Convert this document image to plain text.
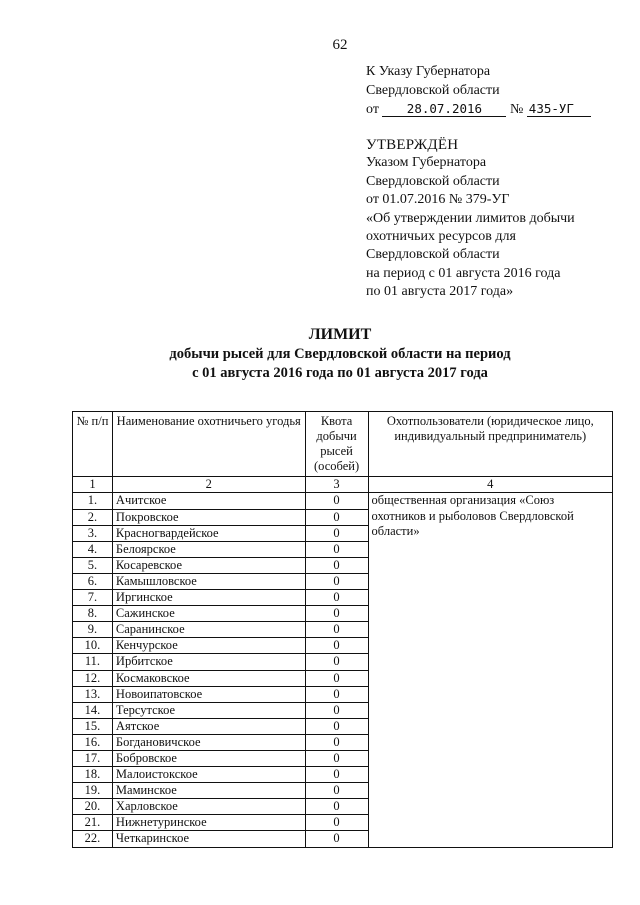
62
К Указу Губернатора
Свердловской области
от 28.07.2016 № 435-УГ
УТВЕРЖДЁН
Указом Губернатора
Свердловской области
от 01.07.2016 № 379-УГ
«Об утверждении лимитов добычи
охотничьих ресурсов для
Свердловской области
на период с 01 августа 2016 года
по 01 августа 2017 года»
ЛИМИТ
добычи рысей для Свердловской области на период
с 01 августа 2016 года по 01 августа 2017 года
№ п/п	Наименование охотничьего угодья	Квота добычи рысей (особей)	Охотпользователи (юридическое лицо, индивидуальный предприниматель)
1	2	3	4
1.	Ачитское	0	общественная организация «Союз охотников и рыболовов Свердловской области»
2.	Покровское	0	
3.	Красногвардейское	0	
4.	Белоярское	0	
5.	Косаревское	0	
6.	Камышловское	0	
7.	Иргинское	0	
8.	Сажинское	0	
9.	Саранинское	0	
10.	Кенчурское	0	
11.	Ирбитское	0	
12.	Космаковское	0	
13.	Новоипатовское	0	
14.	Терсутское	0	
15.	Аятское	0	
16.	Богдановичское	0	
17.	Бобровское	0	
18.	Малоистокское	0	
19.	Маминское	0	
20.	Харловское	0	
21.	Нижнетуринское	0	
22.	Четкаринское	0	
